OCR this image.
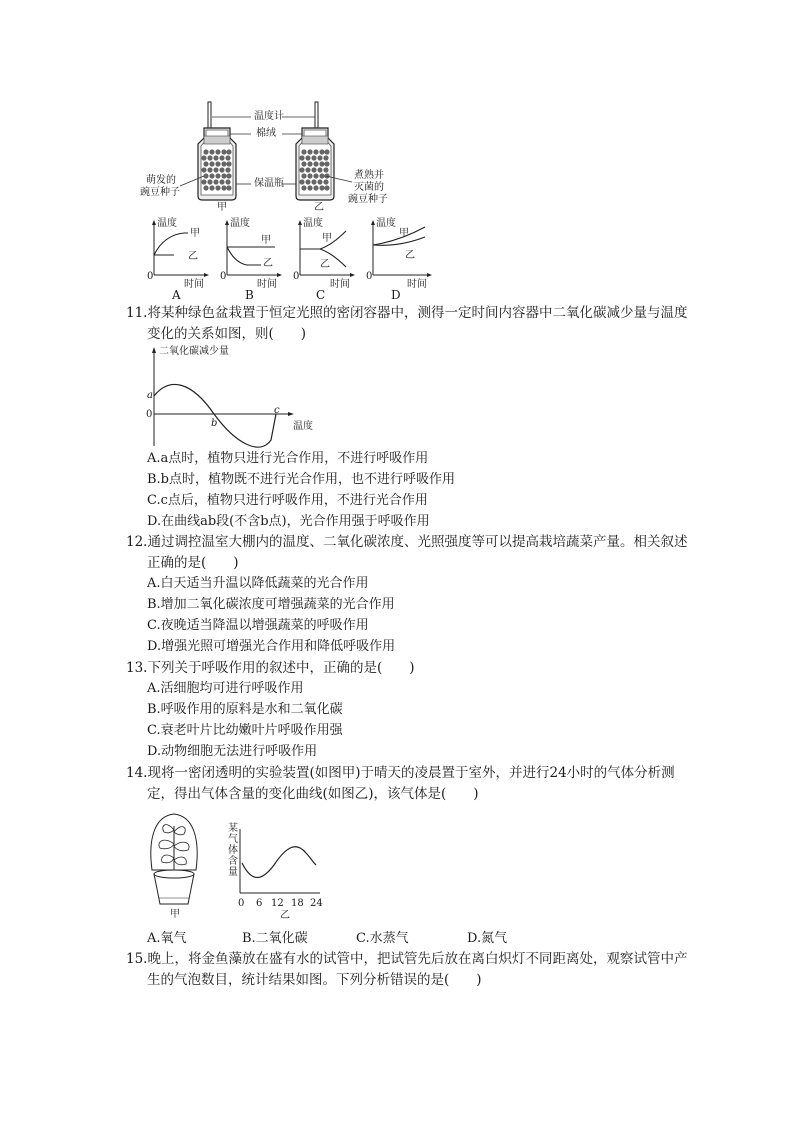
温度计
棉绒
保温瓶
萌发的
豌豆种子
煮熟并
灭菌的
豌豆种子
甲	乙
温度
甲
乙
0
时间
A
温度
甲
乙
0
时间
B
温度
甲
乙
0
时间
C
温度
甲
乙
0
时间
D
11.将某种绿色盆栽置于恒定光照的密闭容器中，测得一定时间内容器中二氧化碳减少量与温度
变化的关系如图，则(　　)
二氧化碳减少量
a
0
b
c
温度
A.a点时，植物只进行光合作用，不进行呼吸作用
B.b点时，植物既不进行光合作用，也不进行呼吸作用
C.c点后，植物只进行呼吸作用，不进行光合作用
D.在曲线ab段(不含b点)，光合作用强于呼吸作用
12.通过调控温室大棚内的温度、二氧化碳浓度、光照强度等可以提高栽培蔬菜产量。相关叙述
正确的是(　　)
A.白天适当升温以降低蔬菜的光合作用
B.增加二氧化碳浓度可增强蔬菜的光合作用
C.夜晚适当降温以增强蔬菜的呼吸作用
D.增强光照可增强光合作用和降低呼吸作用
13.下列关于呼吸作用的叙述中，正确的是(　　)
A.活细胞均可进行呼吸作用
B.呼吸作用的原料是水和二氧化碳
C.衰老叶片比幼嫩叶片呼吸作用强
D.动物细胞无法进行呼吸作用
14.现将一密闭透明的实验装置(如图甲)于晴天的凌晨置于室外，并进行24小时的气体分析测
定，得出气体含量的变化曲线(如图乙)，该气体是(　　)
甲
某
气
体
含
量
0 6 12 18 24
乙
A.氧气	B.二氧化碳	C.水蒸气	D.氮气
15.晚上，将金鱼藻放在盛有水的试管中，把试管先后放在离白炽灯不同距离处，观察试管中产
生的气泡数目，统计结果如图。下列分析错误的是(　　)
